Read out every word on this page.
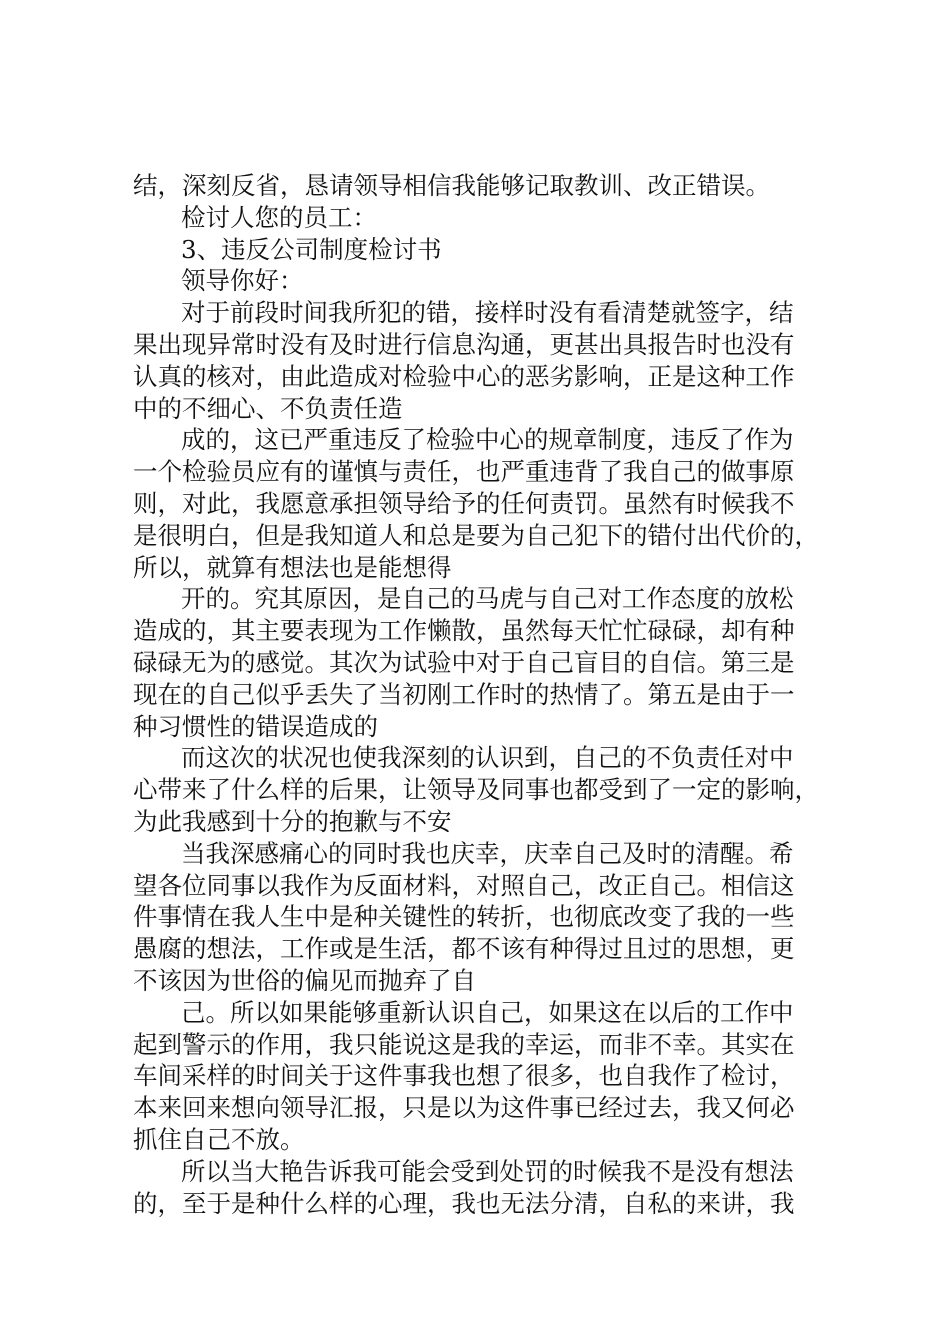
结，深刻反省，恳请领导相信我能够记取教训、改正错误。
检讨人您的员工：
3、违反公司制度检讨书
领导你好：
对于前段时间我所犯的错，接样时没有看清楚就签字，结
果出现异常时没有及时进行信息沟通，更甚出具报告时也没有
认真的核对，由此造成对检验中心的恶劣影响，正是这种工作
中的不细心、不负责任造
成的，这已严重违反了检验中心的规章制度，违反了作为
一个检验员应有的谨慎与责任，也严重违背了我自己的做事原
则，对此，我愿意承担领导给予的任何责罚。虽然有时候我不
是很明白，但是我知道人和总是要为自己犯下的错付出代价的，
所以，就算有想法也是能想得
开的。究其原因，是自己的马虎与自己对工作态度的放松
造成的，其主要表现为工作懒散，虽然每天忙忙碌碌，却有种
碌碌无为的感觉。其次为试验中对于自己盲目的自信。第三是
现在的自己似乎丢失了当初刚工作时的热情了。第五是由于一
种习惯性的错误造成的
而这次的状况也使我深刻的认识到，自己的不负责任对中
心带来了什么样的后果，让领导及同事也都受到了一定的影响，
为此我感到十分的抱歉与不安
当我深感痛心的同时我也庆幸，庆幸自己及时的清醒。希
望各位同事以我作为反面材料，对照自己，改正自己。相信这
件事情在我人生中是种关键性的转折，也彻底改变了我的一些
愚腐的想法，工作或是生活，都不该有种得过且过的思想，更
不该因为世俗的偏见而抛弃了自
己。所以如果能够重新认识自己，如果这在以后的工作中
起到警示的作用，我只能说这是我的幸运，而非不幸。其实在
车间采样的时间关于这件事我也想了很多，也自我作了检讨，
本来回来想向领导汇报，只是以为这件事已经过去，我又何必
抓住自己不放。
所以当大艳告诉我可能会受到处罚的时候我不是没有想法
的，至于是种什么样的心理，我也无法分清，自私的来讲，我
